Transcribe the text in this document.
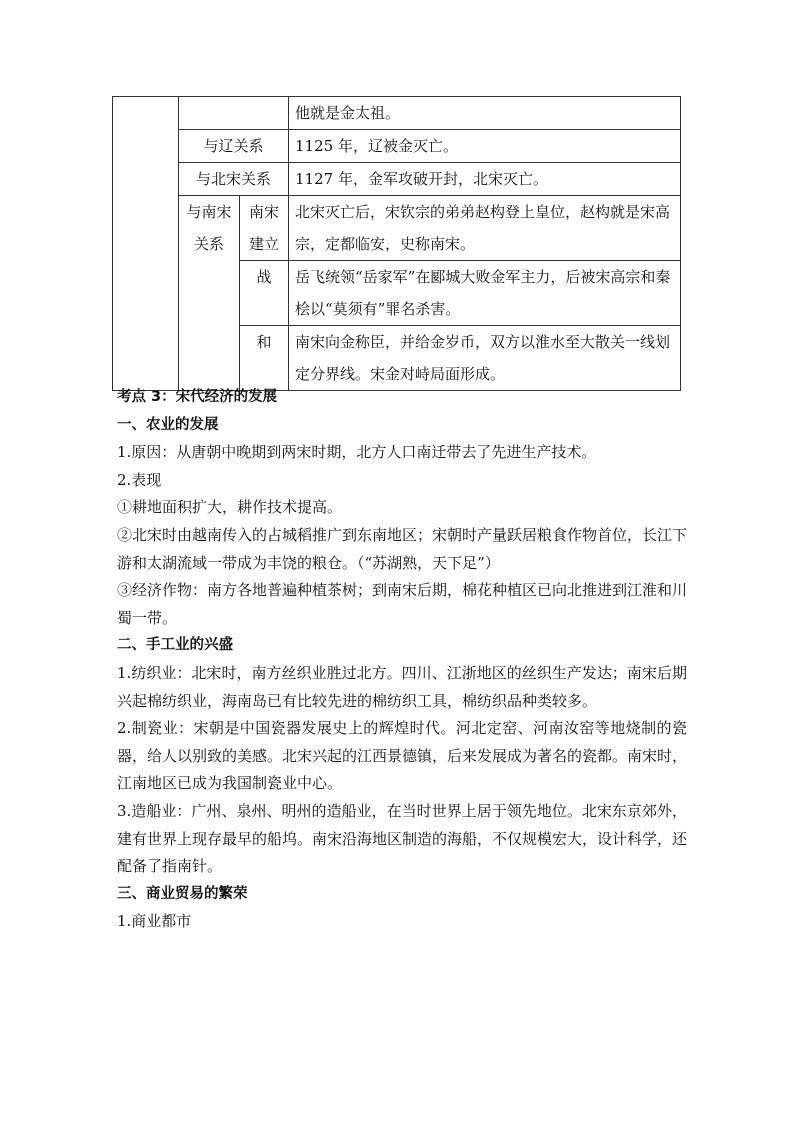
			他就是金太祖。
	与辽关系		1125 年，辽被金灭亡。
	与北宋关系		1127 年，金军攻破开封，北宋灭亡。
	与南宋关系	南宋建立	北宋灭亡后，宋钦宗的弟弟赵构登上皇位，赵构就是宋高宗，定都临安，史称南宋。
		战	岳飞统领“岳家军”在郾城大败金军主力，后被宋高宗和秦桧以“莫须有”罪名杀害。
		和	南宋向金称臣，并给金岁币，双方以淮水至大散关一线划定分界线。宋金对峙局面形成。

考点 3：宋代经济的发展

一、农业的发展

1.原因：从唐朝中晚期到两宋时期，北方人口南迁带去了先进生产技术。

2.表现

①耕地面积扩大，耕作技术提高。

②北宋时由越南传入的占城稻推广到东南地区；宋朝时产量跃居粮食作物首位，长江下游和太湖流域一带成为丰饶的粮仓。（“苏湖熟，天下足”）

③经济作物：南方各地普遍种植茶树；到南宋后期，棉花种植区已向北推进到江淮和川蜀一带。

二、手工业的兴盛

1.纺织业：北宋时，南方丝织业胜过北方。四川、江浙地区的丝织生产发达；南宋后期兴起棉纺织业，海南岛已有比较先进的棉纺织工具，棉纺织品种类较多。

2.制瓷业：宋朝是中国瓷器发展史上的辉煌时代。河北定窑、河南汝窑等地烧制的瓷器，给人以别致的美感。北宋兴起的江西景德镇，后来发展成为著名的瓷都。南宋时，江南地区已成为我国制瓷业中心。

3.造船业：广州、泉州、明州的造船业，在当时世界上居于领先地位。北宋东京郊外，建有世界上现存最早的船坞。南宋沿海地区制造的海船，不仅规模宏大，设计科学，还配备了指南针。

三、商业贸易的繁荣

1.商业都市
